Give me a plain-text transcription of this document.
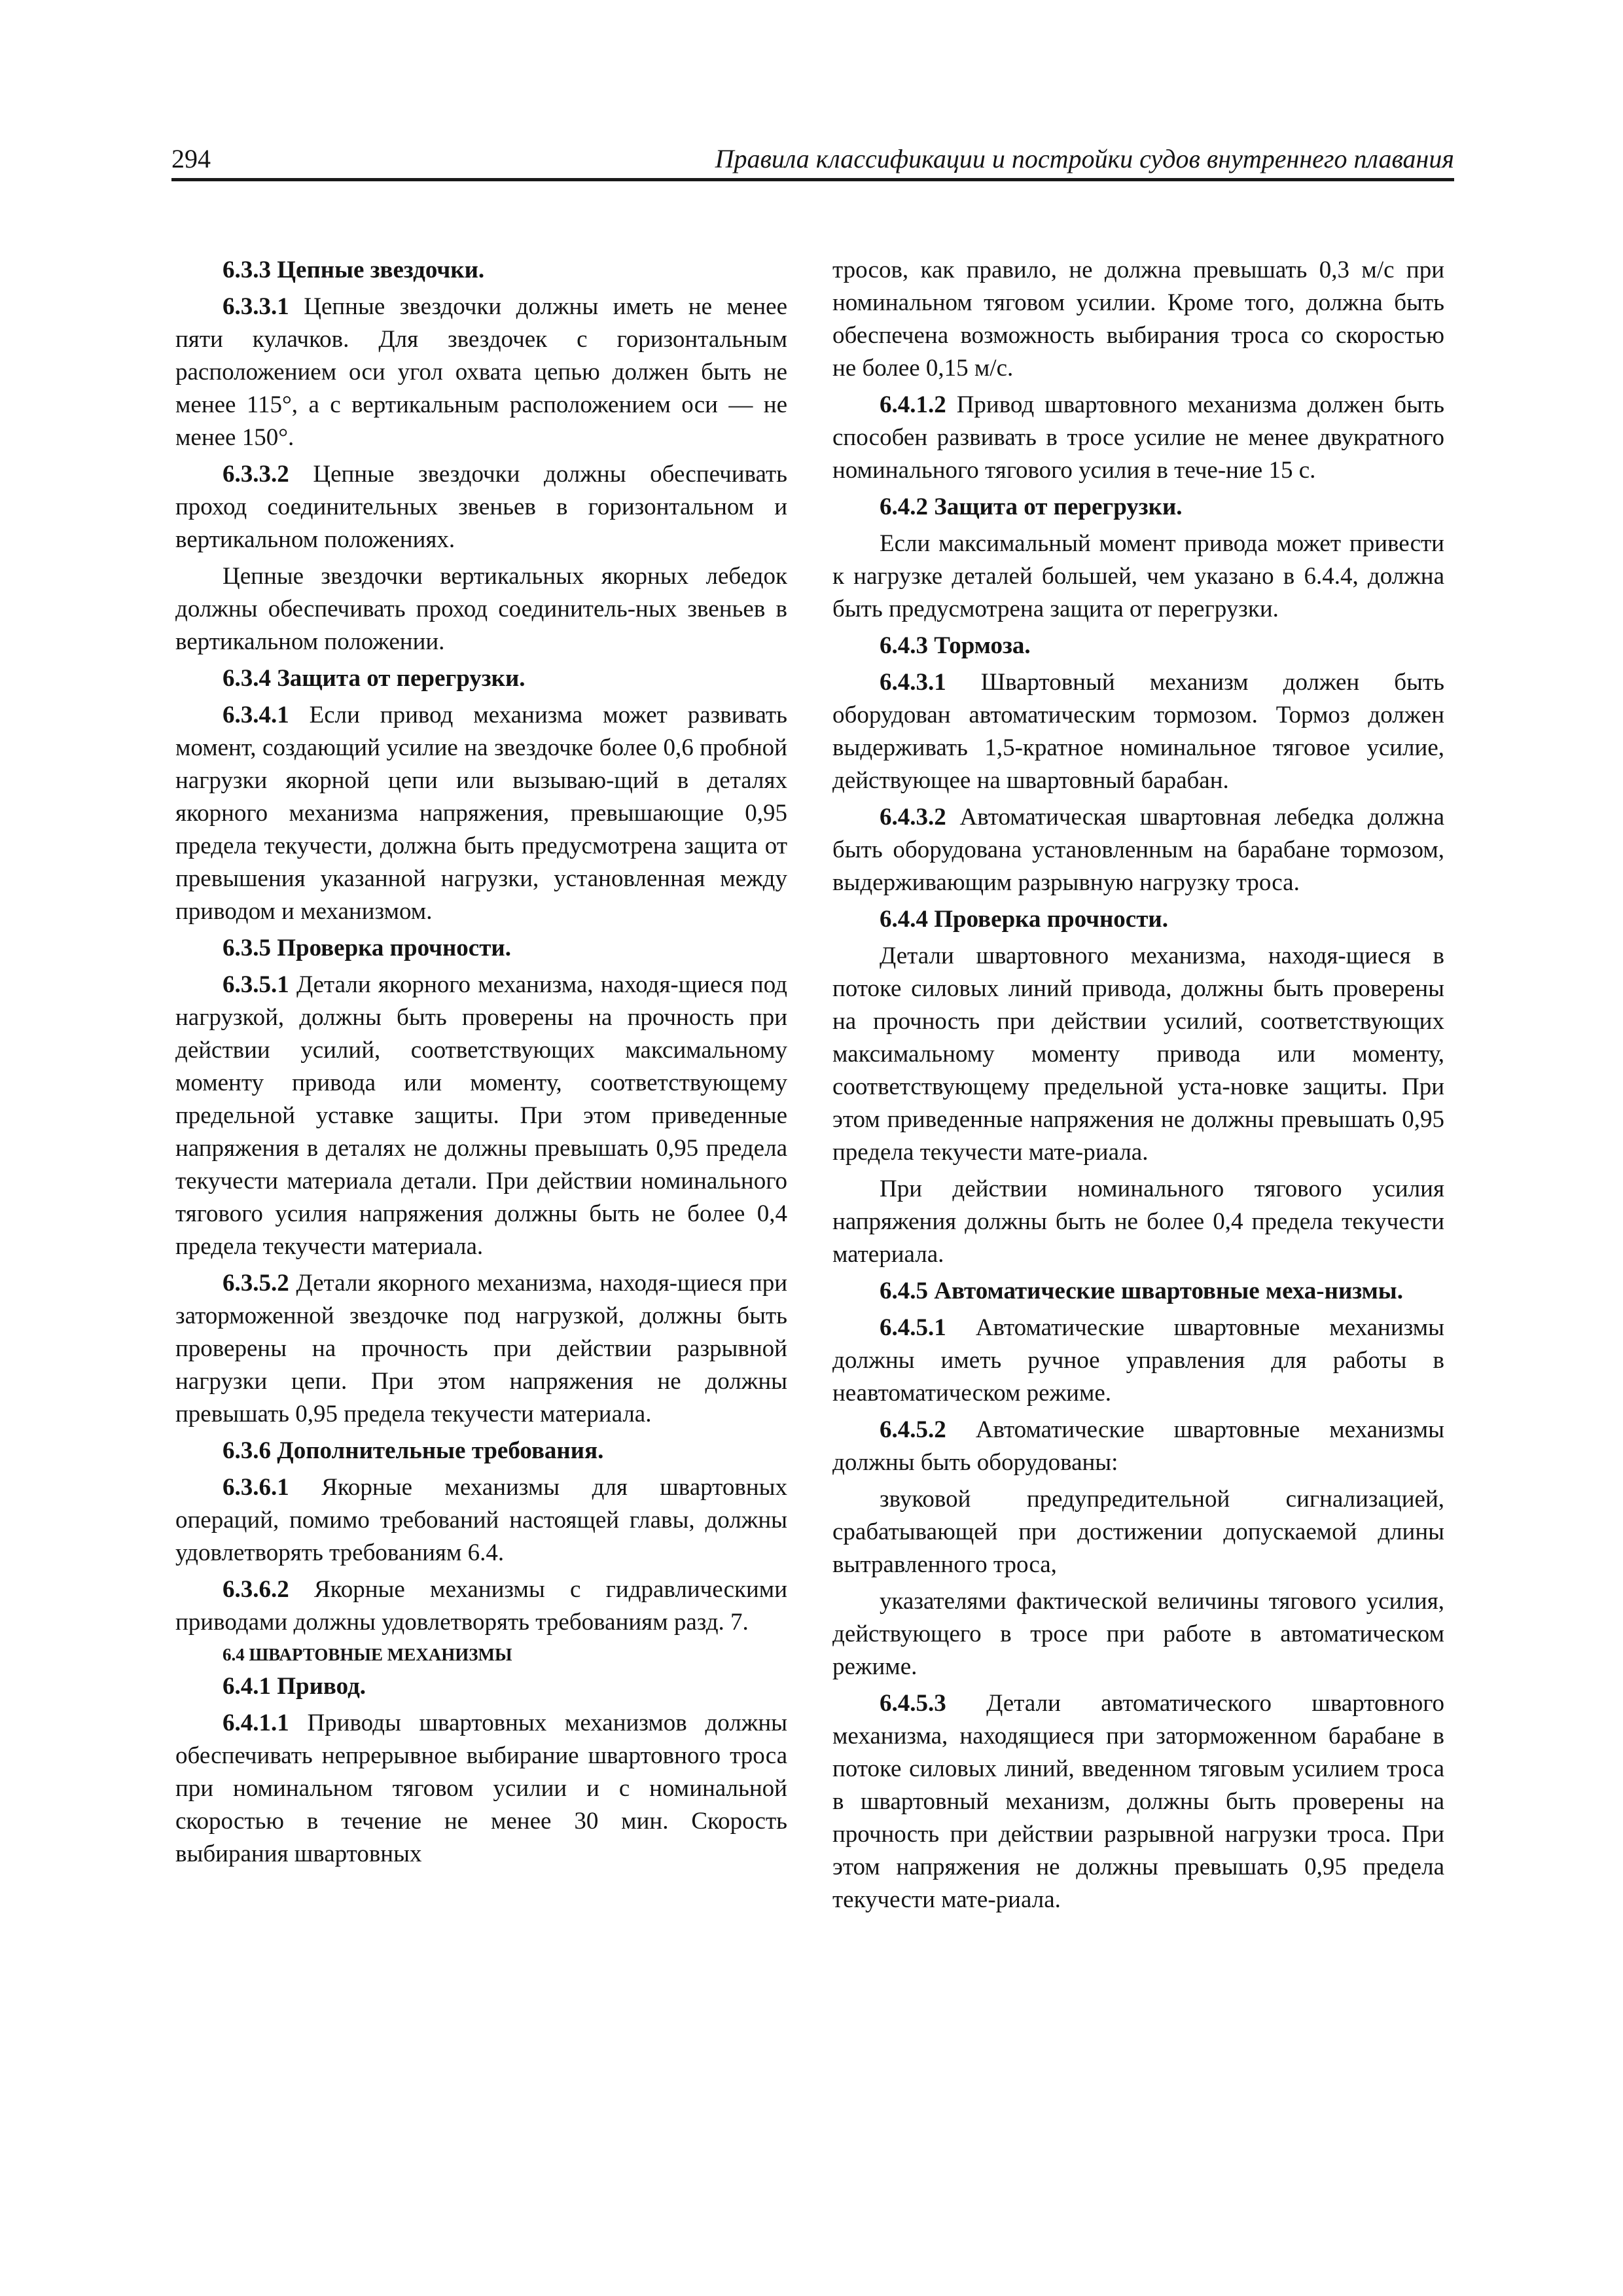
294	Правила классификации и постройки судов внутреннего плавания

6.3.3 Цепные звездочки.

6.3.3.1 Цепные звездочки должны иметь не менее пяти кулачков. Для звездочек с горизонтальным расположением оси угол охвата цепью должен быть не менее 115°, а с вертикальным расположением оси — не менее 150°.

6.3.3.2 Цепные звездочки должны обеспечивать проход соединительных звеньев в горизонтальном и вертикальном положениях.

Цепные звездочки вертикальных якорных лебедок должны обеспечивать проход соединитель-ных звеньев в вертикальном положении.

6.3.4 Защита от перегрузки.

6.3.4.1 Если привод механизма может развивать момент, создающий усилие на звездочке более 0,6 пробной нагрузки якорной цепи или вызываю-щий в деталях якорного механизма напряжения, превышающие 0,95 предела текучести, должна быть предусмотрена защита от превышения указанной нагрузки, установленная между приводом и механизмом.

6.3.5 Проверка прочности.

6.3.5.1 Детали якорного механизма, находя-щиеся под нагрузкой, должны быть проверены на прочность при действии усилий, соответствующих максимальному моменту привода или моменту, соответствующему предельной уставке защиты. При этом приведенные напряжения в деталях не должны превышать 0,95 предела текучести материала детали. При действии номинального тягового усилия напряжения должны быть не более 0,4 предела текучести материала.

6.3.5.2 Детали якорного механизма, находя-щиеся при заторможенной звездочке под нагрузкой, должны быть проверены на прочность при действии разрывной нагрузки цепи. При этом напряжения не должны превышать 0,95 предела текучести материала.

6.3.6 Дополнительные требования.

6.3.6.1 Якорные механизмы для швартовных операций, помимо требований настоящей главы, должны удовлетворять требованиям 6.4.

6.3.6.2 Якорные механизмы с гидравлическими приводами должны удовлетворять требованиям разд. 7.

6.4 ШВАРТОВНЫЕ МЕХАНИЗМЫ

6.4.1 Привод.

6.4.1.1 Приводы швартовных механизмов должны обеспечивать непрерывное выбирание швартовного троса при номинальном тяговом усилии и с номинальной скоростью в течение не менее 30 мин. Скорость выбирания швартовных

тросов, как правило, не должна превышать 0,3 м/с при номинальном тяговом усилии. Кроме того, должна быть обеспечена возможность выбирания троса со скоростью не более 0,15 м/с.

6.4.1.2 Привод швартовного механизма должен быть способен развивать в тросе усилие не менее двукратного номинального тягового усилия в тече-ние 15 с.

6.4.2 Защита от перегрузки.

Если максимальный момент привода может привести к нагрузке деталей большей, чем указано в 6.4.4, должна быть предусмотрена защита от перегрузки.

6.4.3 Тормоза.

6.4.3.1 Швартовный механизм должен быть оборудован автоматическим тормозом. Тормоз должен выдерживать 1,5-кратное номинальное тяговое усилие, действующее на швартовный барабан.

6.4.3.2 Автоматическая швартовная лебедка должна быть оборудована установленным на барабане тормозом, выдерживающим разрывную нагрузку троса.

6.4.4 Проверка прочности.

Детали швартовного механизма, находя-щиеся в потоке силовых линий привода, должны быть проверены на прочность при действии усилий, соответствующих максимальному моменту привода или моменту, соответствующему предельной уста-новке защиты. При этом приведенные напряжения не должны превышать 0,95 предела текучести мате-риала.

При действии номинального тягового усилия напряжения должны быть не более 0,4 предела текучести материала.

6.4.5 Автоматические швартовные меха-низмы.

6.4.5.1 Автоматические швартовные механизмы должны иметь ручное управления для работы в неавтоматическом режиме.

6.4.5.2 Автоматические швартовные механизмы должны быть оборудованы:

звуковой предупредительной сигнализацией, срабатывающей при достижении допускаемой длины вытравленного троса,

указателями фактической величины тягового усилия, действующего в тросе при работе в автоматическом режиме.

6.4.5.3 Детали автоматического швартовного механизма, находящиеся при заторможенном барабане в потоке силовых линий, введенном тяговым усилием троса в швартовный механизм, должны быть проверены на прочность при действии разрывной нагрузки троса. При этом напряжения не должны превышать 0,95 предела текучести мате-риала.
